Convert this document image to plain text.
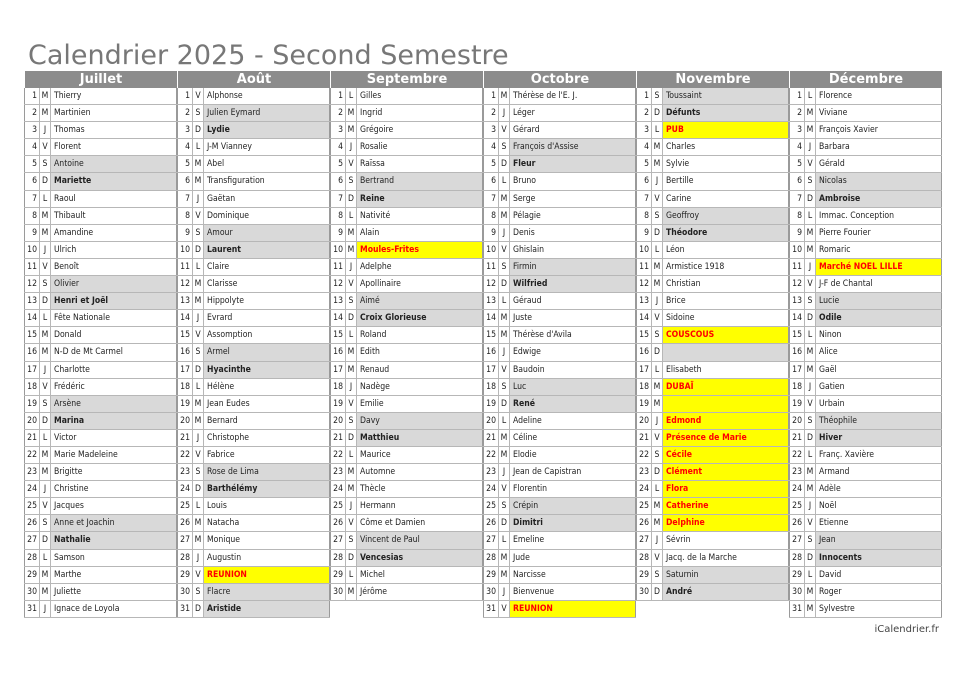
Calendrier 2025 - Second Semestre
Juillet
1 M Thierry
2 M Martinien
3 J Thomas
4 V Florent
5 S Antoine
6 D Mariette
7 L Raoul
8 M Thibault
9 M Amandine
10 J Ulrich
11 V Benoît
12 S Olivier
13 D Henri et Joël
14 L Fête Nationale
15 M Donald
16 M N-D de Mt Carmel
17 J Charlotte
18 V Frédéric
19 S Arsène
20 D Marina
21 L Victor
22 M Marie Madeleine
23 M Brigitte
24 J Christine
25 V Jacques
26 S Anne et Joachin
27 D Nathalie
28 L Samson
29 M Marthe
30 M Juliette
31 J Ignace de Loyola
Août
1 V Alphonse
2 S Julien Eymard
3 D Lydie
4 L J-M Vianney
5 M Abel
6 M Transfiguration
7 J Gaëtan
8 V Dominique
9 S Amour
10 D Laurent
11 L Claire
12 M Clarisse
13 M Hippolyte
14 J Evrard
15 V Assomption
16 S Armel
17 D Hyacinthe
18 L Hélène
19 M Jean Eudes
20 M Bernard
21 J Christophe
22 V Fabrice
23 S Rose de Lima
24 D Barthélémy
25 L Louis
26 M Natacha
27 M Monique
28 J Augustin
29 V REUNION
30 S Flacre
31 D Aristide
Septembre
1 L Gilles
2 M Ingrid
3 M Grégoire
4 J Rosalie
5 V Raïssa
6 S Bertrand
7 D Reine
8 L Nativité
9 M Alain
10 M Moules-Frites
11 J Adelphe
12 V Apollinaire
13 S Aimé
14 D Croix Glorieuse
15 L Roland
16 M Edith
17 M Renaud
18 J Nadège
19 V Emilie
20 S Davy
21 D Matthieu
22 L Maurice
23 M Automne
24 M Thècle
25 J Hermann
26 V Côme et Damien
27 S Vincent de Paul
28 D Vencesias
29 L Michel
30 M Jérôme
Octobre
1 M Thérèse de l'E. J.
2 J Léger
3 V Gérard
4 S François d'Assise
5 D Fleur
6 L Bruno
7 M Serge
8 M Pélagie
9 J Denis
10 V Ghislain
11 S Firmin
12 D Wilfried
13 L Géraud
14 M Juste
15 M Thérèse d'Avila
16 J Edwige
17 V Baudoin
18 S Luc
19 D René
20 L Adeline
21 M Céline
22 M Elodie
23 J Jean de Capistran
24 V Florentin
25 S Crépin
26 D Dimitri
27 L Emeline
28 M Jude
29 M Narcisse
30 J Bienvenue
31 V REUNION
Novembre
1 S Toussaint
2 D Défunts
3 L PUB
4 M Charles
5 M Sylvie
6 J Bertille
7 V Carine
8 S Geoffroy
9 D Théodore
10 L Léon
11 M Armistice 1918
12 M Christian
13 J Brice
14 V Sidoine
15 S COUSCOUS
16 D
17 L Elisabeth
18 M DUBAÏ
19 M
20 J Edmond
21 V Présence de Marie
22 S Cécile
23 D Clément
24 L Flora
25 M Catherine
26 M Delphine
27 J Sévrin
28 V Jacq. de la Marche
29 S Saturnin
30 D André
Décembre
1 L Florence
2 M Viviane
3 M François Xavier
4 J Barbara
5 V Gérald
6 S Nicolas
7 D Ambroise
8 L Immac. Conception
9 M Pierre Fourier
10 M Romaric
11 J Marché NOEL LILLE
12 V J-F de Chantal
13 S Lucie
14 D Odile
15 L Ninon
16 M Alice
17 M Gaël
18 J Gatien
19 V Urbain
20 S Théophile
21 D Hiver
22 L Franç. Xavière
23 M Armand
24 M Adèle
25 J Noël
26 V Etienne
27 S Jean
28 D Innocents
29 L David
30 M Roger
31 M Sylvestre
iCalendrier.fr
